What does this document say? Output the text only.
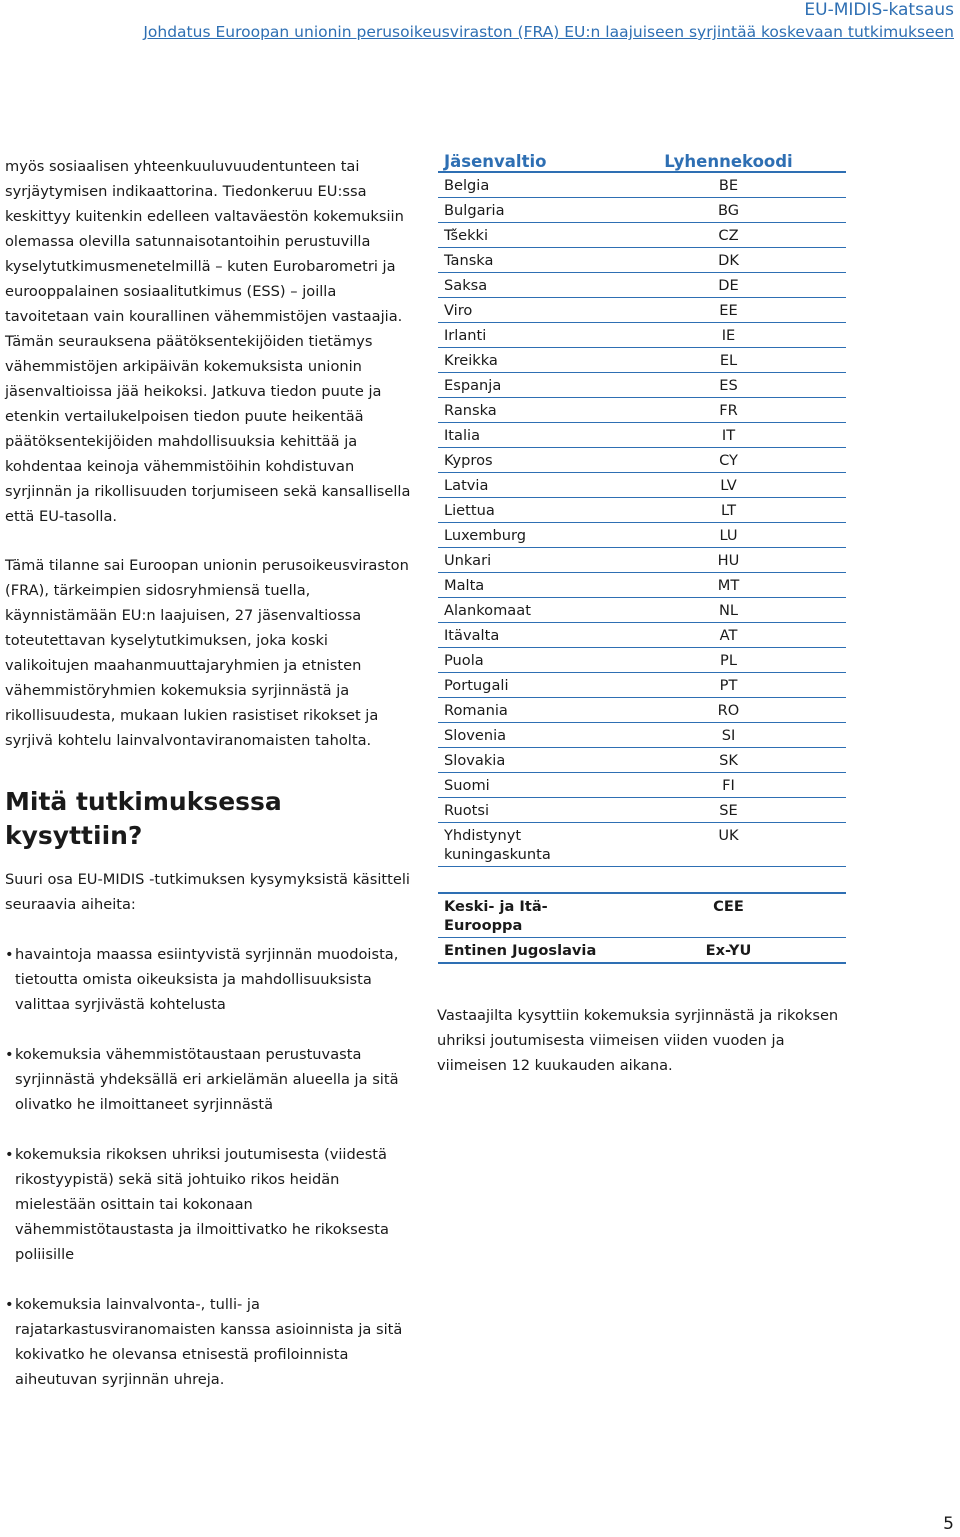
EU-MIDIS-katsaus
Johdatus Euroopan unionin perusoikeusviraston (FRA) EU:n laajuiseen syrjintää koskevaan tutkimukseen

myös sosiaalisen yhteenkuuluvuudentunteen tai syrjäytymisen indikaattorina. Tiedonkeruu EU:ssa keskittyy kuitenkin edelleen valtaväestön kokemuksiin olemassa olevilla satunnaisotantoihin perustuvilla kyselytutkimusmenetelmillä – kuten Eurobarometri ja eurooppalainen sosiaalitutkimus (ESS) – joilla tavoitetaan vain kourallinen vähemmistöjen vastaajia. Tämän seurauksena päätöksentekijöiden tietämys vähemmistöjen arkipäivän kokemuksista unionin jäsenvaltioissa jää heikoksi. Jatkuva tiedon puute ja etenkin vertailukelpoisen tiedon puute heikentää päätöksentekijöiden mahdollisuuksia kehittää ja kohdentaa keinoja vähemmistöihin kohdistuvan syrjinnän ja rikollisuuden torjumiseen sekä kansallisella että EU-tasolla.

Tämä tilanne sai Euroopan unionin perusoikeusviraston (FRA), tärkeimpien sidosryhmiensä tuella, käynnistämään EU:n laajuisen, 27 jäsenvaltiossa toteutettavan kyselytutkimuksen, joka koski valikoitujen maahanmuuttajaryhmien ja etnisten vähemmistöryhmien kokemuksia syrjinnästä ja rikollisuudesta, mukaan lukien rasistiset rikokset ja syrjivä kohtelu lainvalvontaviranomaisten taholta.

Mitä tutkimuksessa kysyttiin?

Suuri osa EU-MIDIS -tutkimuksen kysymyksistä käsitteli seuraavia aiheita:

• havaintoja maassa esiintyvistä syrjinnän muodoista, tietoutta omista oikeuksista ja mahdollisuuksista valittaa syrjivästä kohtelusta
• kokemuksia vähemmistötaustaan perustuvasta syrjinnästä yhdeksällä eri arkielämän alueella ja sitä olivatko he ilmoittaneet syrjinnästä
• kokemuksia rikoksen uhriksi joutumisesta (viidestä rikostyypistä) sekä sitä johtuiko rikos heidän mielestään osittain tai kokonaan vähemmistötaustasta ja ilmoittivatko he rikoksesta poliisille
• kokemuksia lainvalvonta-, tulli- ja rajatarkastusviranomaisten kanssa asioinnista ja sitä kokivatko he olevansa etnisestä profiloinnista aiheutuvan syrjinnän uhreja.
Jäsenvaltio	Lyhennekoodi
Belgia	BE
Bulgaria	BG
Tšekki	CZ
Tanska	DK
Saksa	DE
Viro	EE
Irlanti	IE
Kreikka	EL
Espanja	ES
Ranska	FR
Italia	IT
Kypros	CY
Latvia	LV
Liettua	LT
Luxemburg	LU
Unkari	HU
Malta	MT
Alankomaat	NL
Itävalta	AT
Puola	PL
Portugali	PT
Romania	RO
Slovenia	SI
Slovakia	SK
Suomi	FI
Ruotsi	SE
Yhdistynyt kuningaskunta	UK

Keski- ja Itä-Eurooppa	CEE
Entinen Jugoslavia	Ex-YU

Vastaajilta kysyttiin kokemuksia syrjinnästä ja rikoksen uhriksi joutumisesta viimeisen viiden vuoden ja viimeisen 12 kuukauden aikana.

5
